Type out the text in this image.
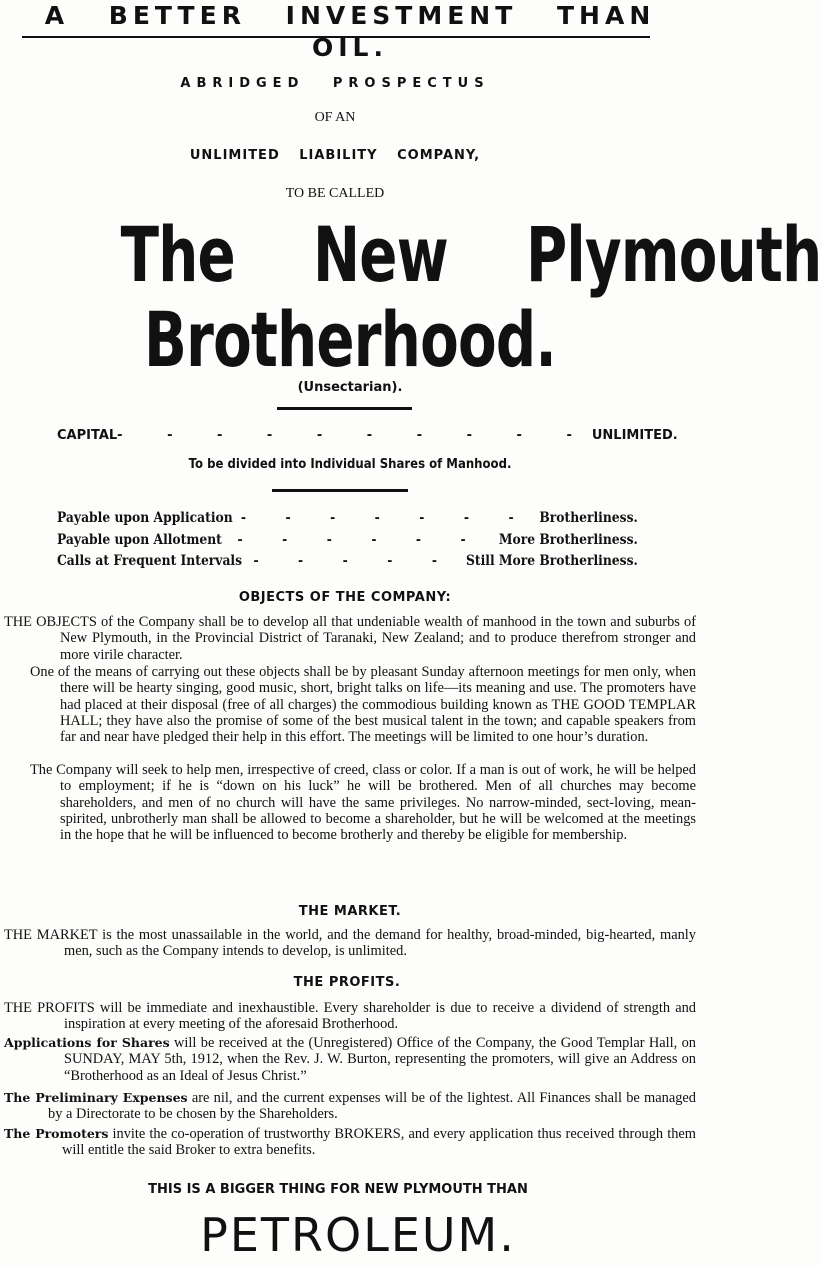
A BETTER INVESTMENT THAN OIL.
ABRIDGED PROSPECTUS
OF AN
UNLIMITED LIABILITY COMPANY,
TO BE CALLED
The New Plymouth
Brotherhood.
(Unsectarian).
CAPITAL - - - - - - - - - - UNLIMITED.
To be divided into Individual Shares of Manhood.
Payable upon Application - - - - - - - Brotherliness.
Payable upon Allotment	- - - - - -	More Brotherliness.
Calls at Frequent Intervals - - - - - Still More Brotherliness.
OBJECTS OF THE COMPANY:

THE OBJECTS of the Company shall be to develop all that undeniable wealth of manhood in the town and suburbs of New Plymouth, in the Provincial District of Taranaki, New Zealand; and to produce therefrom stronger and more virile character.

One of the means of carrying out these objects shall be by pleasant Sunday afternoon meetings for men only, when there will be hearty singing, good music, short, bright talks on life—its meaning and use. The promoters have had placed at their disposal (free of all charges) the commodious building known as THE GOOD TEMPLAR HALL; they have also the promise of some of the best musical talent in the town; and capable speakers from far and near have pledged their help in this effort. The meetings will be limited to one hour’s duration.

The Company will seek to help men, irrespective of creed, class or color. If a man is out of work, he will be helped to employment; if he is “down on his luck” he will be brothered. Men of all churches may become shareholders, and men of no church will have the same privileges. No narrow-minded, sect-loving, mean-spirited, unbrotherly man shall be allowed to become a shareholder, but he will be welcomed at the meetings in the hope that he will be influenced to become brotherly and thereby be eligible for membership.

THE MARKET.

THE MARKET is the most unassailable in the world, and the demand for healthy, broad-minded, big-hearted, manly men, such as the Company intends to develop, is unlimited.

THE PROFITS.

THE PROFITS will be immediate and inexhaustible. Every shareholder is due to receive a dividend of strength and inspiration at every meeting of the aforesaid Brotherhood.

Applications for Shares will be received at the (Unregistered) Office of the Company, the Good Templar Hall, on SUNDAY, MAY 5th, 1912, when the Rev. J. W. Burton, representing the promoters, will give an Address on “Brotherhood as an Ideal of Jesus Christ.”

The Preliminary Expenses are nil, and the current expenses will be of the lightest. All Finances shall be managed by a Directorate to be chosen by the Shareholders.

The Promoters invite the co-operation of trustworthy BROKERS, and every application thus received through them will entitle the said Broker to extra benefits.

THIS IS A BIGGER THING FOR NEW PLYMOUTH THAN
PETROLEUM.
